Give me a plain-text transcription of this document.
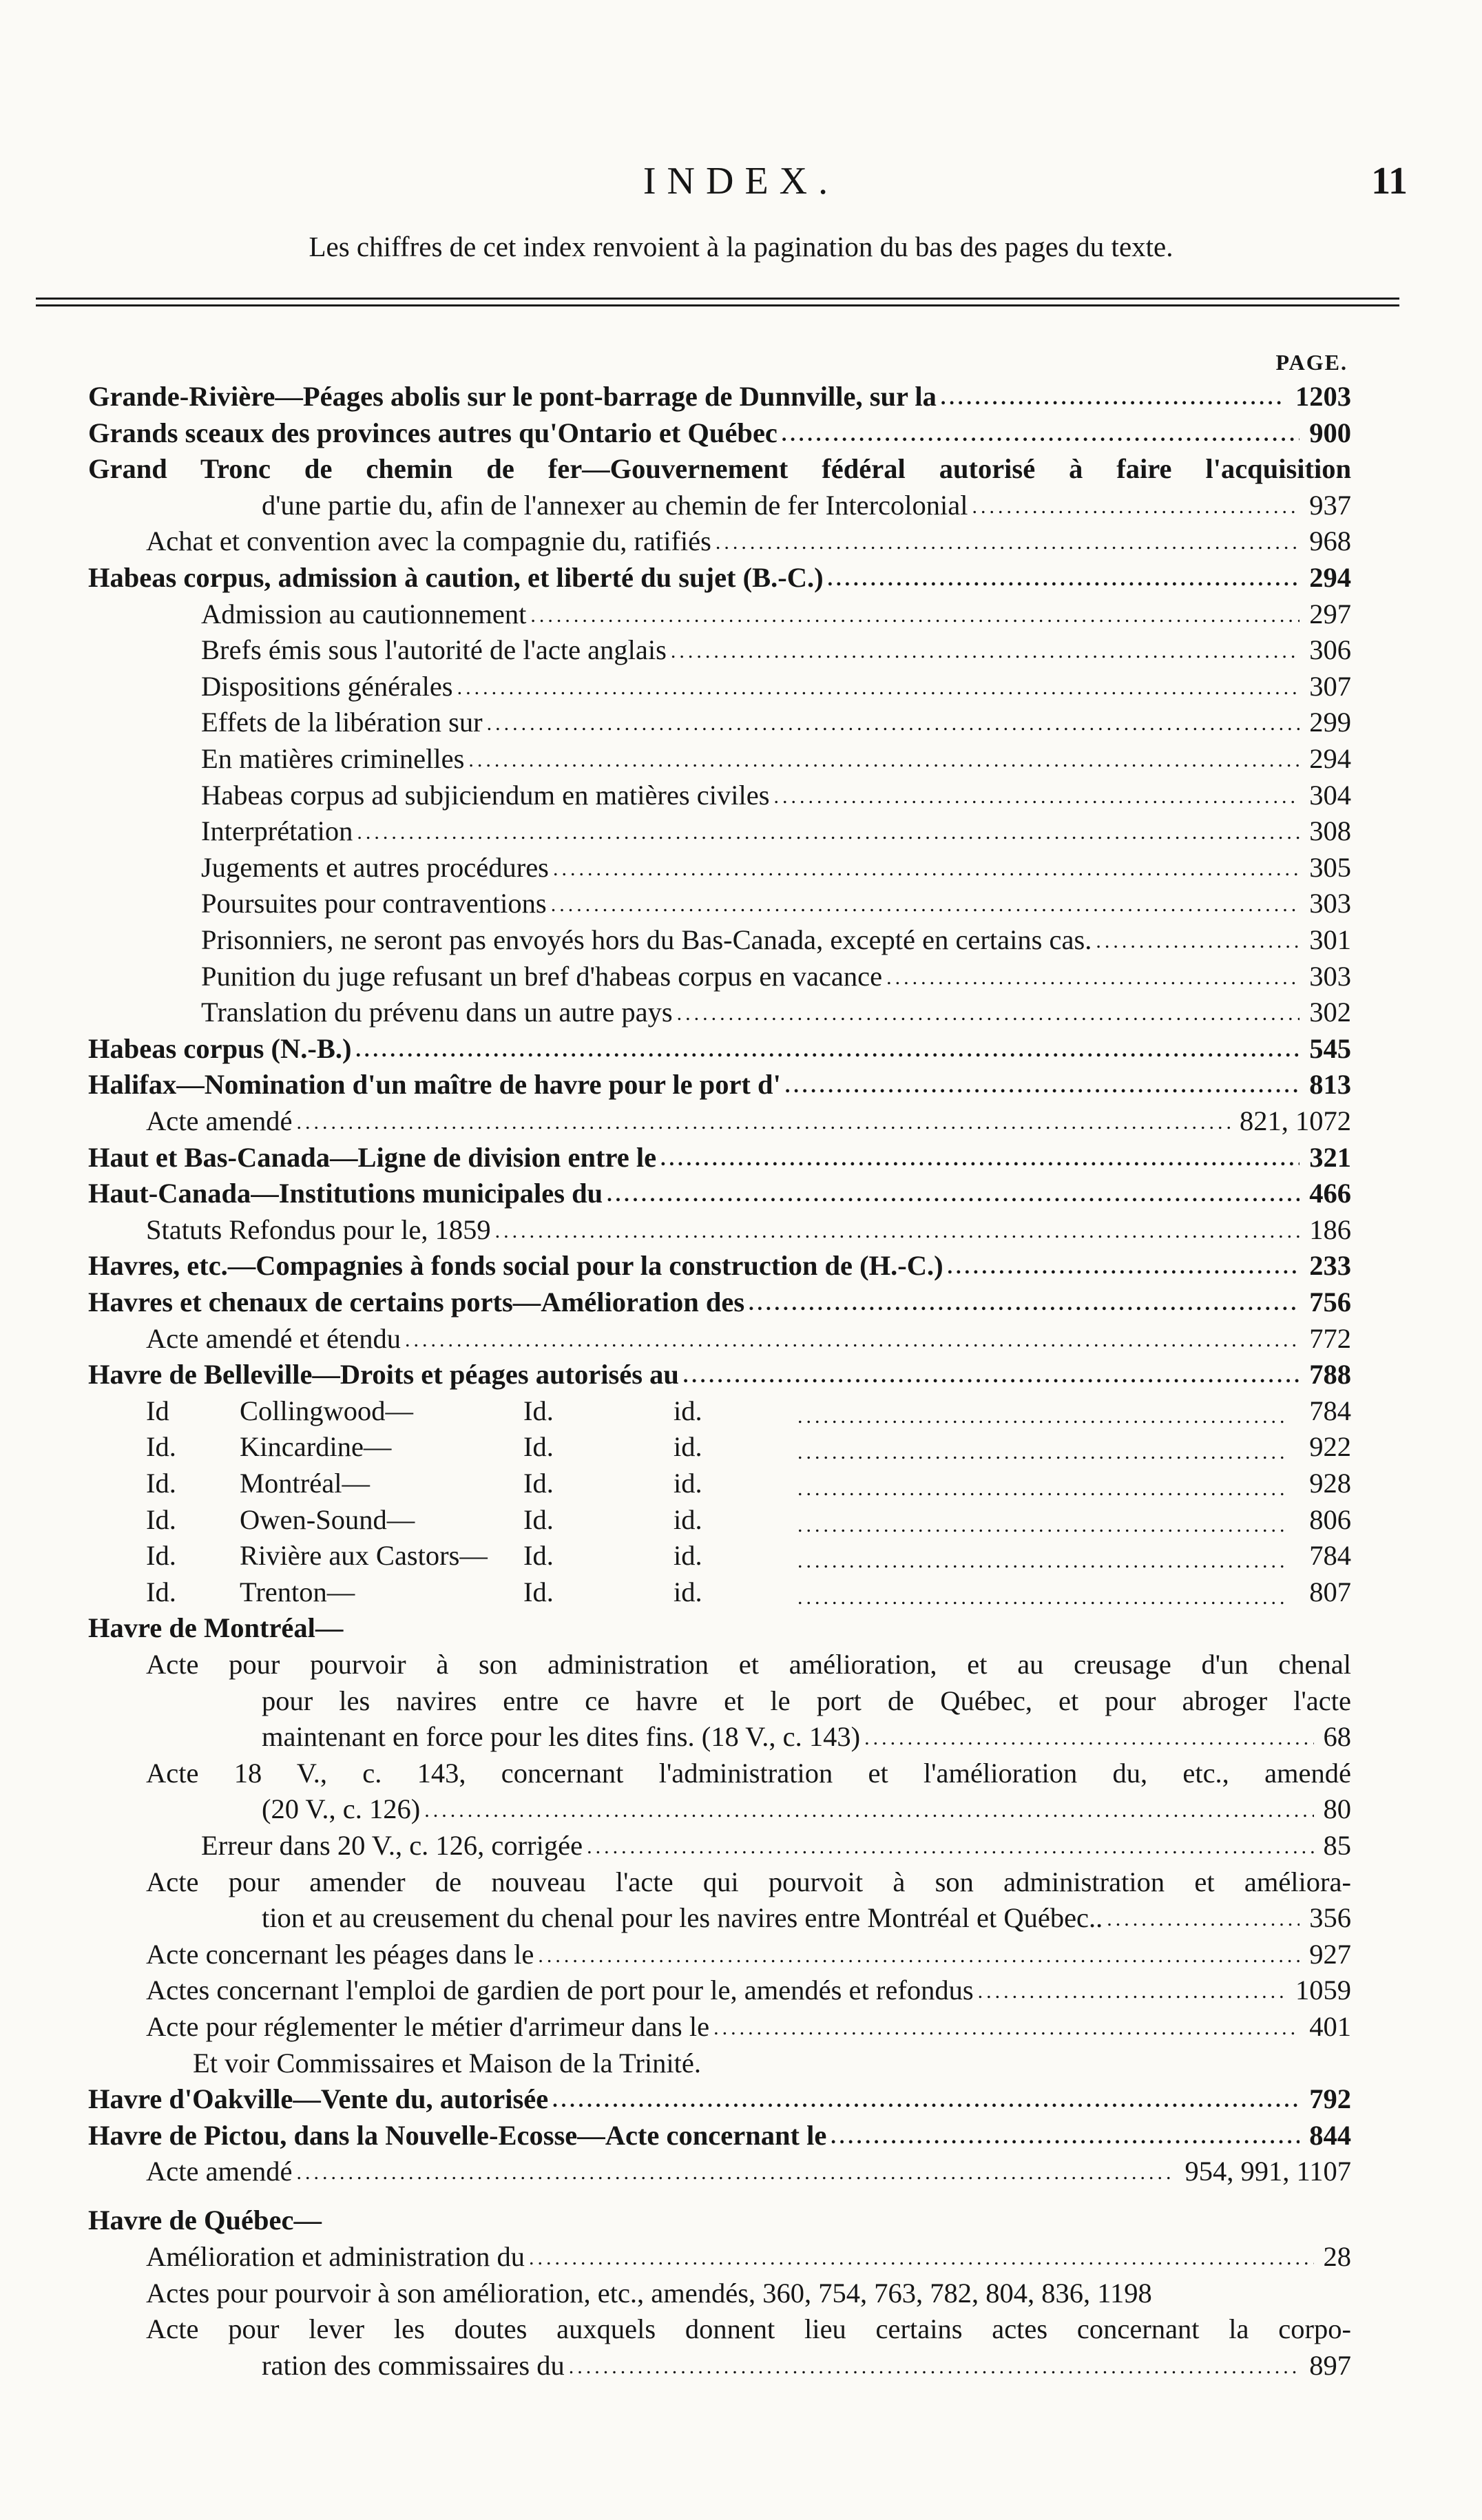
INDEX.	11
Les chiffres de cet index renvoient à la pagination du bas des pages du texte.
PAGE.
Grande-Rivière—Péages abolis sur le pont-barrage de Dunnville, sur la .....	1203
Grands sceaux des provinces autres qu'Ontario et Québec .....	900
Grand Tronc de chemin de fer—Gouvernement fédéral autorisé à faire l'acquisition
d'une partie du, afin de l'annexer au chemin de fer Intercolonial .....	937
Achat et convention avec la compagnie du, ratifiés .....	968
Habeas corpus, admission à caution, et liberté du sujet (B.-C.) .....	294
Admission au cautionnement .....	297
Brefs émis sous l'autorité de l'acte anglais .....	306
Dispositions générales .....	307
Effets de la libération sur .....	299
En matières criminelles .....	294
Habeas corpus ad subjiciendum en matières civiles .....	304
Interprétation .....	308
Jugements et autres procédures .....	305
Poursuites pour contraventions .....	303
Prisonniers, ne seront pas envoyés hors du Bas-Canada, excepté en certains cas. .....	301
Punition du juge refusant un bref d'habeas corpus en vacance .....	303
Translation du prévenu dans un autre pays .....	302
Habeas corpus (N.-B.) .....	545
Halifax—Nomination d'un maître de havre pour le port d' .....	813
Acte amendé .....	821, 1072
Haut et Bas-Canada—Ligne de division entre le .....	321
Haut-Canada—Institutions municipales du .....	466
Statuts Refondus pour le, 1859 .....	186
Havres, etc.—Compagnies à fonds social pour la construction de (H.-C.) .....	233
Havres et chenaux de certains ports—Amélioration des .....	756
Acte amendé et étendu .....	772
Havre de Belleville—Droits et péages autorisés au .....	788
Id	Collingwood—	Id.	id. .....	784
Id. Kincardine—	Id.	id. .....	922
Id. Montréal—	Id.	id. .....	928
Id. Owen-Sound—	Id.	id. .....	806
Id. Rivière aux Castors— Id.	id. .....	784
Id. Trenton—	Id.	id. .....	807
Havre de Montréal—
Acte pour pourvoir à son administration et amélioration, et au creusage d'un chenal
pour les navires entre ce havre et le port de Québec, et pour abroger l'acte
maintenant en force pour les dites fins. (18 V., c. 143) .....	68
Acte 18 V., c. 143, concernant l'administration et l'amélioration du, etc., amendé
(20 V., c. 126) .....	80
Erreur dans 20 V., c. 126, corrigée .....	85
Acte pour amender de nouveau l'acte qui pourvoit à son administration et améliora-
tion et au creusement du chenal pour les navires entre Montréal et Québec.. .....	356
Acte concernant les péages dans le .....	927
Actes concernant l'emploi de gardien de port pour le, amendés et refondus .....	1059
Acte pour réglementer le métier d'arrimeur dans le .....	401
Et voir Commissaires et Maison de la Trinité.
Havre d'Oakville—Vente du, autorisée .....	792
Havre de Pictou, dans la Nouvelle-Ecosse—Acte concernant le .....	844
Acte amendé .....	954, 991, 1107
Havre de Québec—
Amélioration et administration du .....	28
Actes pour pourvoir à son amélioration, etc., amendés, 360, 754, 763, 782, 804, 836, 1198
Acte pour lever les doutes auxquels donnent lieu certains actes concernant la corpo-
ration des commissaires du .....	897
